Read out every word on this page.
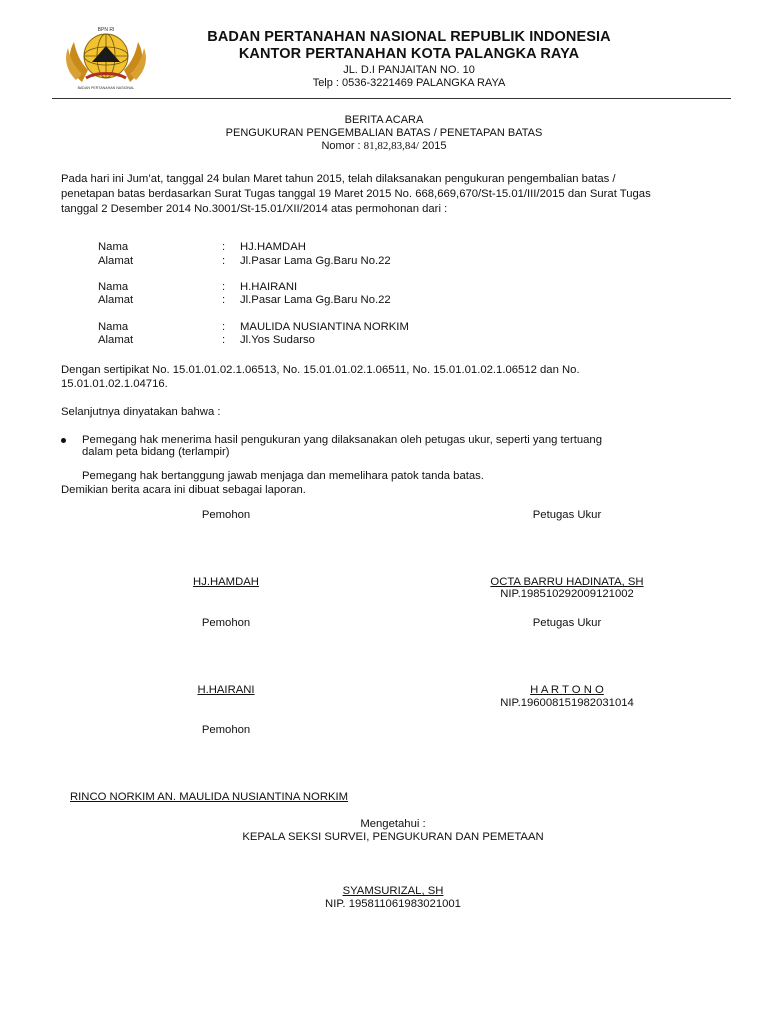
BPN RI
BADAN PERTANAHAN NASIONAL
BADAN PERTANAHAN NASIONAL REPUBLIK INDONESIA
KANTOR PERTANAHAN KOTA PALANGKA RAYA
JL. D.I PANJAITAN NO. 10
Telp : 0536-3221469 PALANGKA RAYA
BERITA ACARA
PENGUKURAN PENGEMBALIAN BATAS / PENETAPAN BATAS
Nomor : 81,82,83,84/ 2015
Pada hari ini Jum’at, tanggal 24 bulan Maret tahun 2015, telah dilaksanakan pengukuran pengembalian batas /
penetapan batas berdasarkan Surat Tugas tanggal 19 Maret 2015 No. 668,669,670/St-15.01/III/2015 dan Surat Tugas
tanggal 2 Desember 2014 No.3001/St-15.01/XII/2014 atas permohonan dari :
Nama	: HJ.HAMDAH
Alamat	: Jl.Pasar Lama Gg.Baru No.22
Nama	: H.HAIRANI
Alamat	: Jl.Pasar Lama Gg.Baru No.22
Nama	: MAULIDA NUSIANTINA NORKIM
Alamat	: Jl.Yos Sudarso
Dengan sertipikat No. 15.01.01.02.1.06513, No. 15.01.01.02.1.06511, No. 15.01.01.02.1.06512 dan No.
15.01.01.02.1.04716.
Selanjutnya dinyatakan bahwa :
Pemegang hak menerima hasil pengukuran yang dilaksanakan oleh petugas ukur, seperti yang tertuang
dalam peta bidang (terlampir)
Pemegang hak bertanggung jawab menjaga dan memelihara patok tanda batas.
Demikian berita acara ini dibuat sebagai laporan.
Pemohon	Petugas Ukur
HJ.HAMDAH	OCTA BARRU HADINATA, SH
NIP.198510292009121002
Pemohon	Petugas Ukur
H.HAIRANI	H A R T O N O
NIP.196008151982031014
Pemohon
RINCO NORKIM AN. MAULIDA NUSIANTINA NORKIM
Mengetahui :
KEPALA SEKSI SURVEI, PENGUKURAN DAN PEMETAAN
SYAMSURIZAL, SH
NIP. 195811061983021001
